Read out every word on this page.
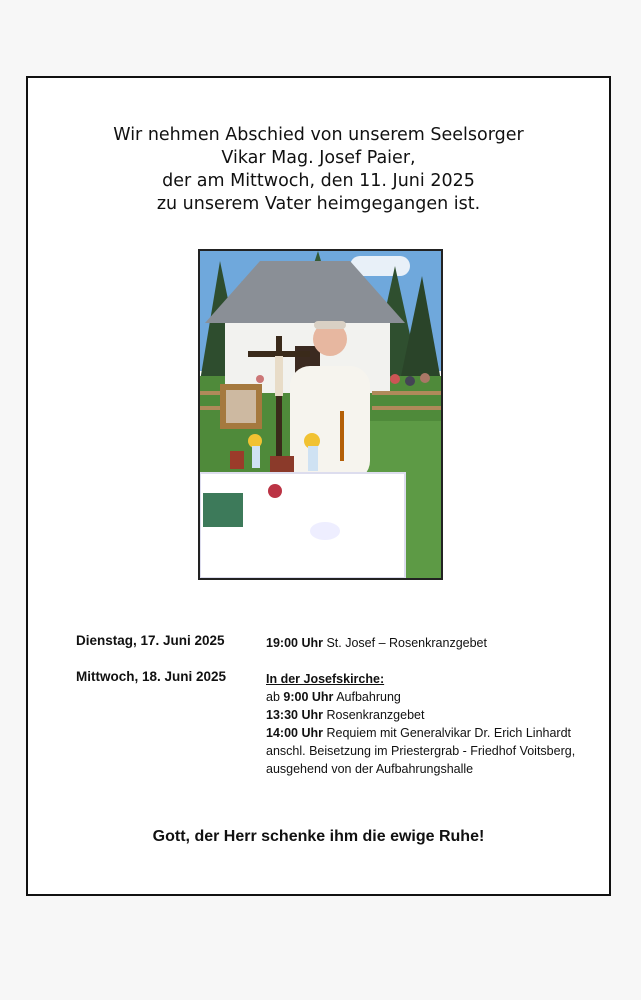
Wir nehmen Abschied von unserem Seelsorger
Vikar Mag. Josef Paier,
der am Mittwoch, den 11. Juni 2025
zu unserem Vater heimgegangen ist.
Dienstag, 17. Juni 2025	19:00 Uhr St. Josef – Rosenkranzgebet
Mittwoch, 18. Juni 2025	In der Josefskirche:
ab 9:00 Uhr Aufbahrung
13:30 Uhr Rosenkranzgebet
14:00 Uhr Requiem mit Generalvikar Dr. Erich Linhardt
anschl. Beisetzung im Priestergrab - Friedhof Voitsberg,
ausgehend von der Aufbahrungshalle
Gott, der Herr schenke ihm die ewige Ruhe!
